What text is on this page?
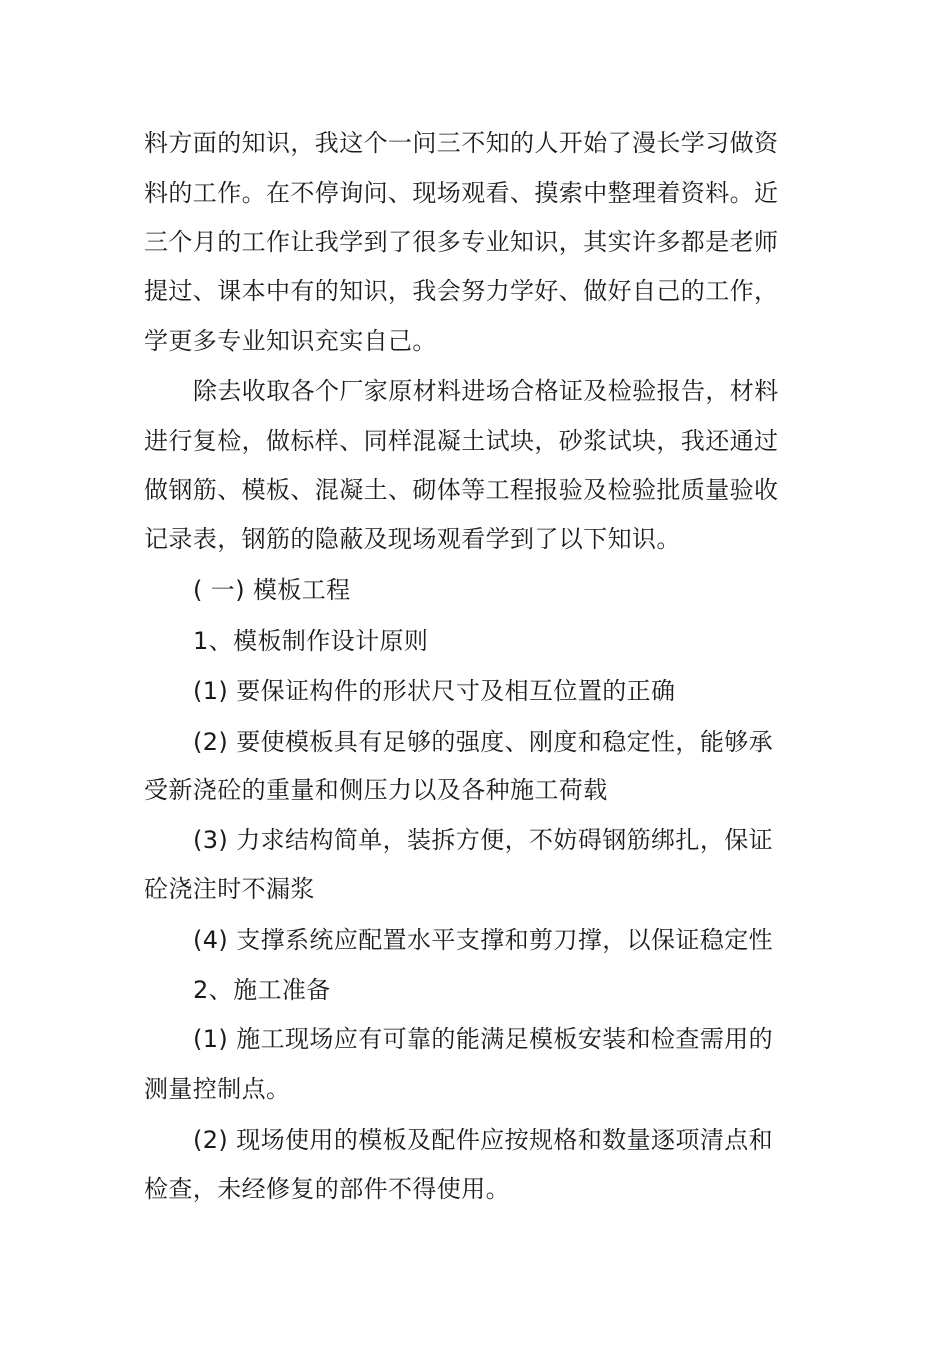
料方面的知识，我这个一问三不知的人开始了漫长学习做资
料的工作。在不停询问、现场观看、摸索中整理着资料。近
三个月的工作让我学到了很多专业知识，其实许多都是老师
提过、课本中有的知识，我会努力学好、做好自己的工作，
学更多专业知识充实自己。
除去收取各个厂家原材料进场合格证及检验报告，材料
进行复检，做标样、同样混凝土试块，砂浆试块，我还通过
做钢筋、模板、混凝土、砌体等工程报验及检验批质量验收
记录表，钢筋的隐蔽及现场观看学到了以下知识。
( 一) 模板工程
1、模板制作设计原则
(1) 要保证构件的形状尺寸及相互位置的正确
(2) 要使模板具有足够的强度、刚度和稳定性，能够承
受新浇砼的重量和侧压力以及各种施工荷载
(3) 力求结构简单，装拆方便，不妨碍钢筋绑扎，保证
砼浇注时不漏浆
(4) 支撑系统应配置水平支撑和剪刀撑，以保证稳定性
2、施工准备
(1) 施工现场应有可靠的能满足模板安装和检查需用的
测量控制点。
(2) 现场使用的模板及配件应按规格和数量逐项清点和
检查，未经修复的部件不得使用。
